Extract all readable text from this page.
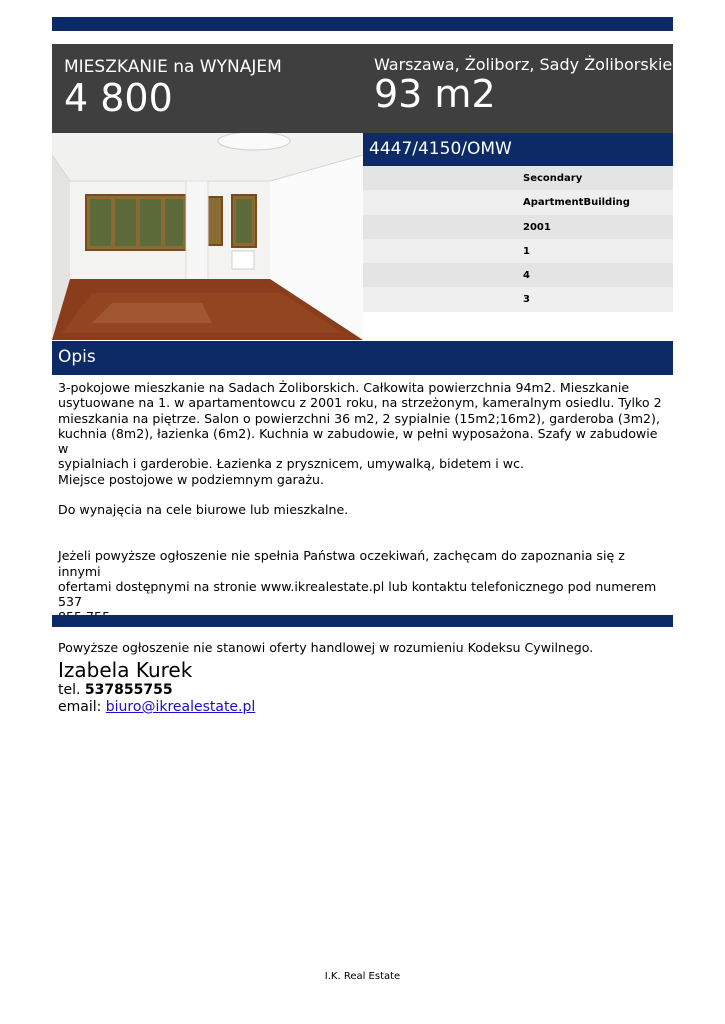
MIESZKANIE na WYNAJEM
4 800
Warszawa, Żoliborz, Sady Żoliborskie
93 m2
4447/4150/OMW
Secondary
ApartmentBuilding
2001
1
4
3
Opis

3-pokojowe mieszkanie na Sadach Żoliborskich. Całkowita powierzchnia 94m2. Mieszkanie

usytuowane na 1. w apartamentowcu z 2001 roku, na strzeżonym, kameralnym osiedlu. Tylko 2

mieszkania na piętrze. Salon o powierzchni 36 m2, 2 sypialnie (15m2;16m2), garderoba (3m2),

kuchnia (8m2), łazienka (6m2). Kuchnia w zabudowie, w pełni wyposażona. Szafy w zabudowie w

sypialniach i garderobie. Łazienka z prysznicem, umywalką, bidetem i wc.

Miejsce postojowe w podziemnym garażu.

Do wynajęcia na cele biurowe lub mieszkalne.

Jeżeli powyższe ogłoszenie nie spełnia Państwa oczekiwań, zachęcam do zapoznania się z innymi

ofertami dostępnymi na stronie www.ikrealestate.pl lub kontaktu telefonicznego pod numerem 537

Powyższe ogłoszenie nie stanowi oferty handlowej w rozumieniu Kodeksu Cywilnego.

Izabela Kurek
tel. 537855755
email: biuro@ikrealestate.pl
I.K. Real Estate
